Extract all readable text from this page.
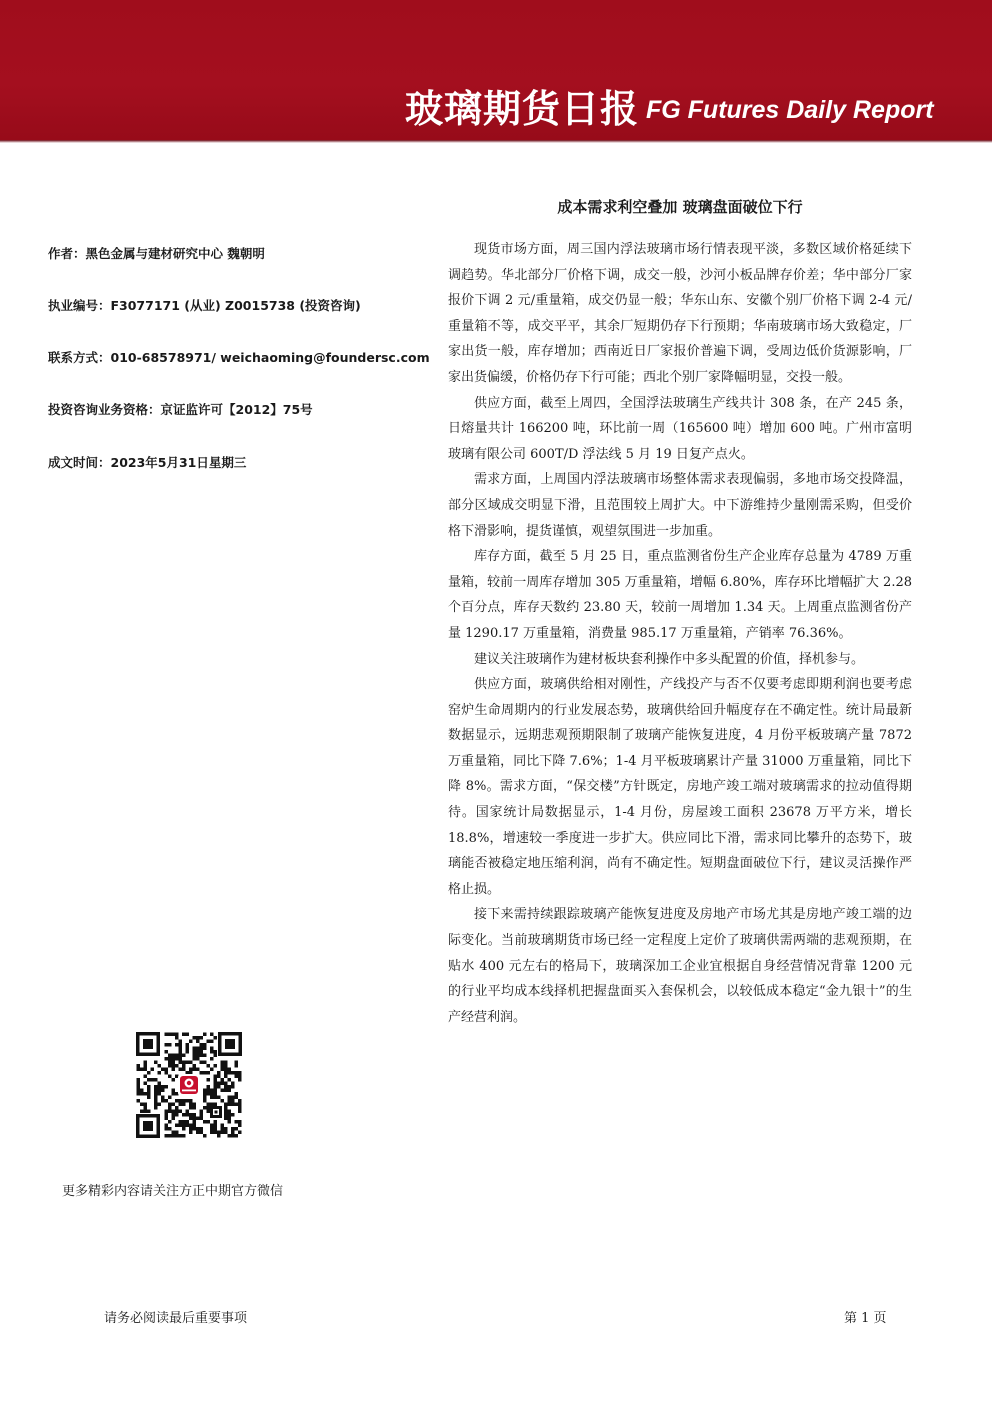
玻璃期货日报 FG Futures Daily Report
成本需求利空叠加 玻璃盘面破位下行
作者：黑色金属与建材研究中心 魏朝明
执业编号：F3077171 (从业) Z0015738 (投资咨询)
联系方式：010-68578971/ weichaoming@foundersc.com
投资咨询业务资格：京证监许可【2012】75号
成文时间：2023年5月31日星期三

现货市场方面，周三国内浮法玻璃市场行情表现平淡，多数区域价格延续下调趋势。华北部分厂价格下调，成交一般，沙河小板品牌存价差；华中部分厂家报价下调 2 元/重量箱，成交仍显一般；华东山东、安徽个别厂价格下调 2-4 元/重量箱不等，成交平平，其余厂短期仍存下行预期；华南玻璃市场大致稳定，厂家出货一般，库存增加；西南近日厂家报价普遍下调，受周边低价货源影响，厂家出货偏缓，价格仍存下行可能；西北个别厂家降幅明显，交投一般。

供应方面，截至上周四，全国浮法玻璃生产线共计 308 条，在产 245 条，日熔量共计 166200 吨，环比前一周（165600 吨）增加 600 吨。广州市富明玻璃有限公司 600T/D 浮法线 5 月 19 日复产点火。

需求方面，上周国内浮法玻璃市场整体需求表现偏弱，多地市场交投降温，部分区域成交明显下滑，且范围较上周扩大。中下游维持少量刚需采购，但受价格下滑影响，提货谨慎，观望氛围进一步加重。

库存方面，截至 5 月 25 日，重点监测省份生产企业库存总量为 4789 万重量箱，较前一周库存增加 305 万重量箱，增幅 6.80%，库存环比增幅扩大 2.28 个百分点，库存天数约 23.80 天，较前一周增加 1.34 天。上周重点监测省份产量 1290.17 万重量箱，消费量 985.17 万重量箱，产销率 76.36%。

建议关注玻璃作为建材板块套利操作中多头配置的价值，择机参与。

供应方面，玻璃供给相对刚性，产线投产与否不仅要考虑即期利润也要考虑窑炉生命周期内的行业发展态势，玻璃供给回升幅度存在不确定性。统计局最新数据显示，远期悲观预期限制了玻璃产能恢复进度，4 月份平板玻璃产量 7872 万重量箱，同比下降 7.6%；1-4 月平板玻璃累计产量 31000 万重量箱，同比下降 8%。需求方面，“保交楼”方针既定，房地产竣工端对玻璃需求的拉动值得期待。国家统计局数据显示，1-4 月份，房屋竣工面积 23678 万平方米，增长 18.8%，增速较一季度进一步扩大。供应同比下滑，需求同比攀升的态势下，玻璃能否被稳定地压缩利润，尚有不确定性。短期盘面破位下行，建议灵活操作严格止损。

接下来需持续跟踪玻璃产能恢复进度及房地产市场尤其是房地产竣工端的边际变化。当前玻璃期货市场已经一定程度上定价了玻璃供需两端的悲观预期，在贴水 400 元左右的格局下，玻璃深加工企业宜根据自身经营情况背靠 1200 元的行业平均成本线择机把握盘面买入套保机会，以较低成本稳定“金九银十”的生产经营利润。

更多精彩内容请关注方正中期官方微信
请务必阅读最后重要事项	第 1 页
